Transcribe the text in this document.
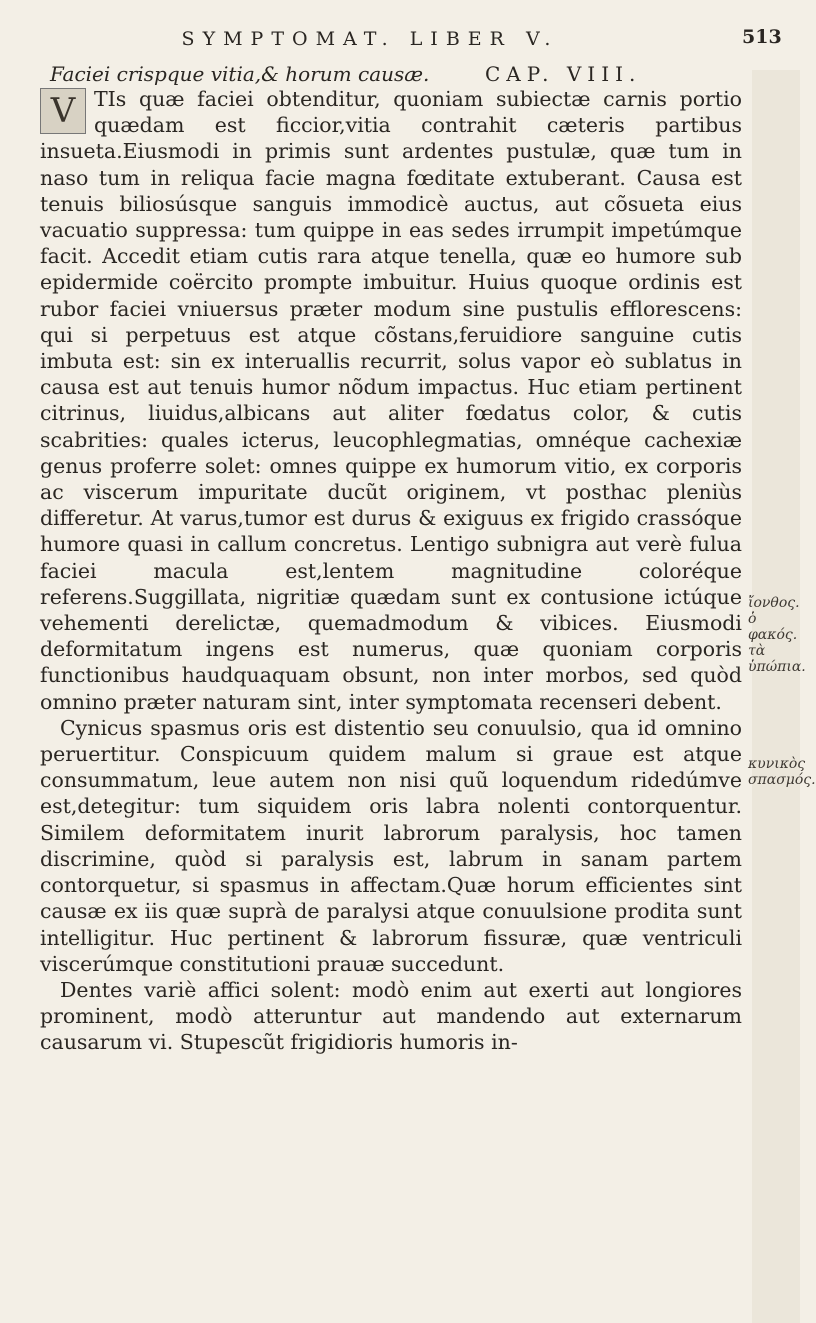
SYMPTOMAT. LIBER V.	513
Faciei crispque vitia,& horum causæ.	CAP. VIII.

V TIs quæ faciei obtenditur, quoniam subiectæ carnis portio quædam est ficcior,vitia contrahit cæteris partibus insueta.Eiusmodi in primis sunt ardentes pustulæ, quæ tum in naso tum in reliqua facie magna fœditate extuberant. Causa est tenuis biliosúsque sanguis immodicè auctus, aut cõsueta eius vacuatio suppressa: tum quippe in eas sedes irrumpit impetúmque facit. Accedit etiam cutis rara atque tenella, quæ eo humore sub epidermide coërcito prompte imbuitur. Huius quoque ordinis est rubor faciei vniuersus præter modum sine pustulis efflorescens: qui si perpetuus est atque cõstans,feruidiore sanguine cutis imbuta est: sin ex interuallis recurrit, solus vapor eò sublatus in causa est aut tenuis humor nõdum impactus. Huc etiam pertinent citrinus, liuidus,albicans aut aliter fœdatus color, & cutis scabrities: quales icterus, leucophlegmatias, omnéque cachexiæ genus proferre solet: omnes quippe ex humorum vitio, ex corporis ac viscerum impuritate ducũt originem, vt posthac pleniùs differetur. At varus,tumor est durus & exiguus ex frigido crassóque humore quasi in callum concretus. Lentigo subnigra aut verè fulua faciei macula est,lentem magnitudine coloréque referens.Suggillata, nigritiæ quædam sunt ex contusione ictúque vehementi derelictæ, quemadmodum & vibices. Eiusmodi deformitatum ingens est numerus, quæ quoniam corporis functionibus haudquaquam obsunt, non inter morbos, sed quòd omnino præter naturam sint, inter symptomata recenseri debent.

Cynicus spasmus oris est distentio seu conuulsio, qua id omnino peruertitur. Conspicuum quidem malum si graue est atque consummatum, leue autem non nisi quũ loquendum ridedúmve est,detegitur: tum siquidem oris labra nolenti contorquentur. Similem deformitatem inurit labrorum paralysis, hoc tamen discrimine, quòd si paralysis est, labrum in sanam partem contorquetur, si spasmus in affectam.Quæ horum efficientes sint causæ ex iis quæ suprà de paralysi atque conuulsione prodita sunt intelligitur. Huc pertinent & labrorum fissuræ, quæ ventriculi viscerúmque constitutioni prauæ succedunt.

Dentes variè affici solent: modò enim aut exerti aut longiores prominent, modò atteruntur aut mandendo aut externarum causarum vi. Stupescũt frigidioris humoris in-

ἴονθος. ὁ φακός. τὰ ὑπώπια.
κυνικὸς σπασμός.
